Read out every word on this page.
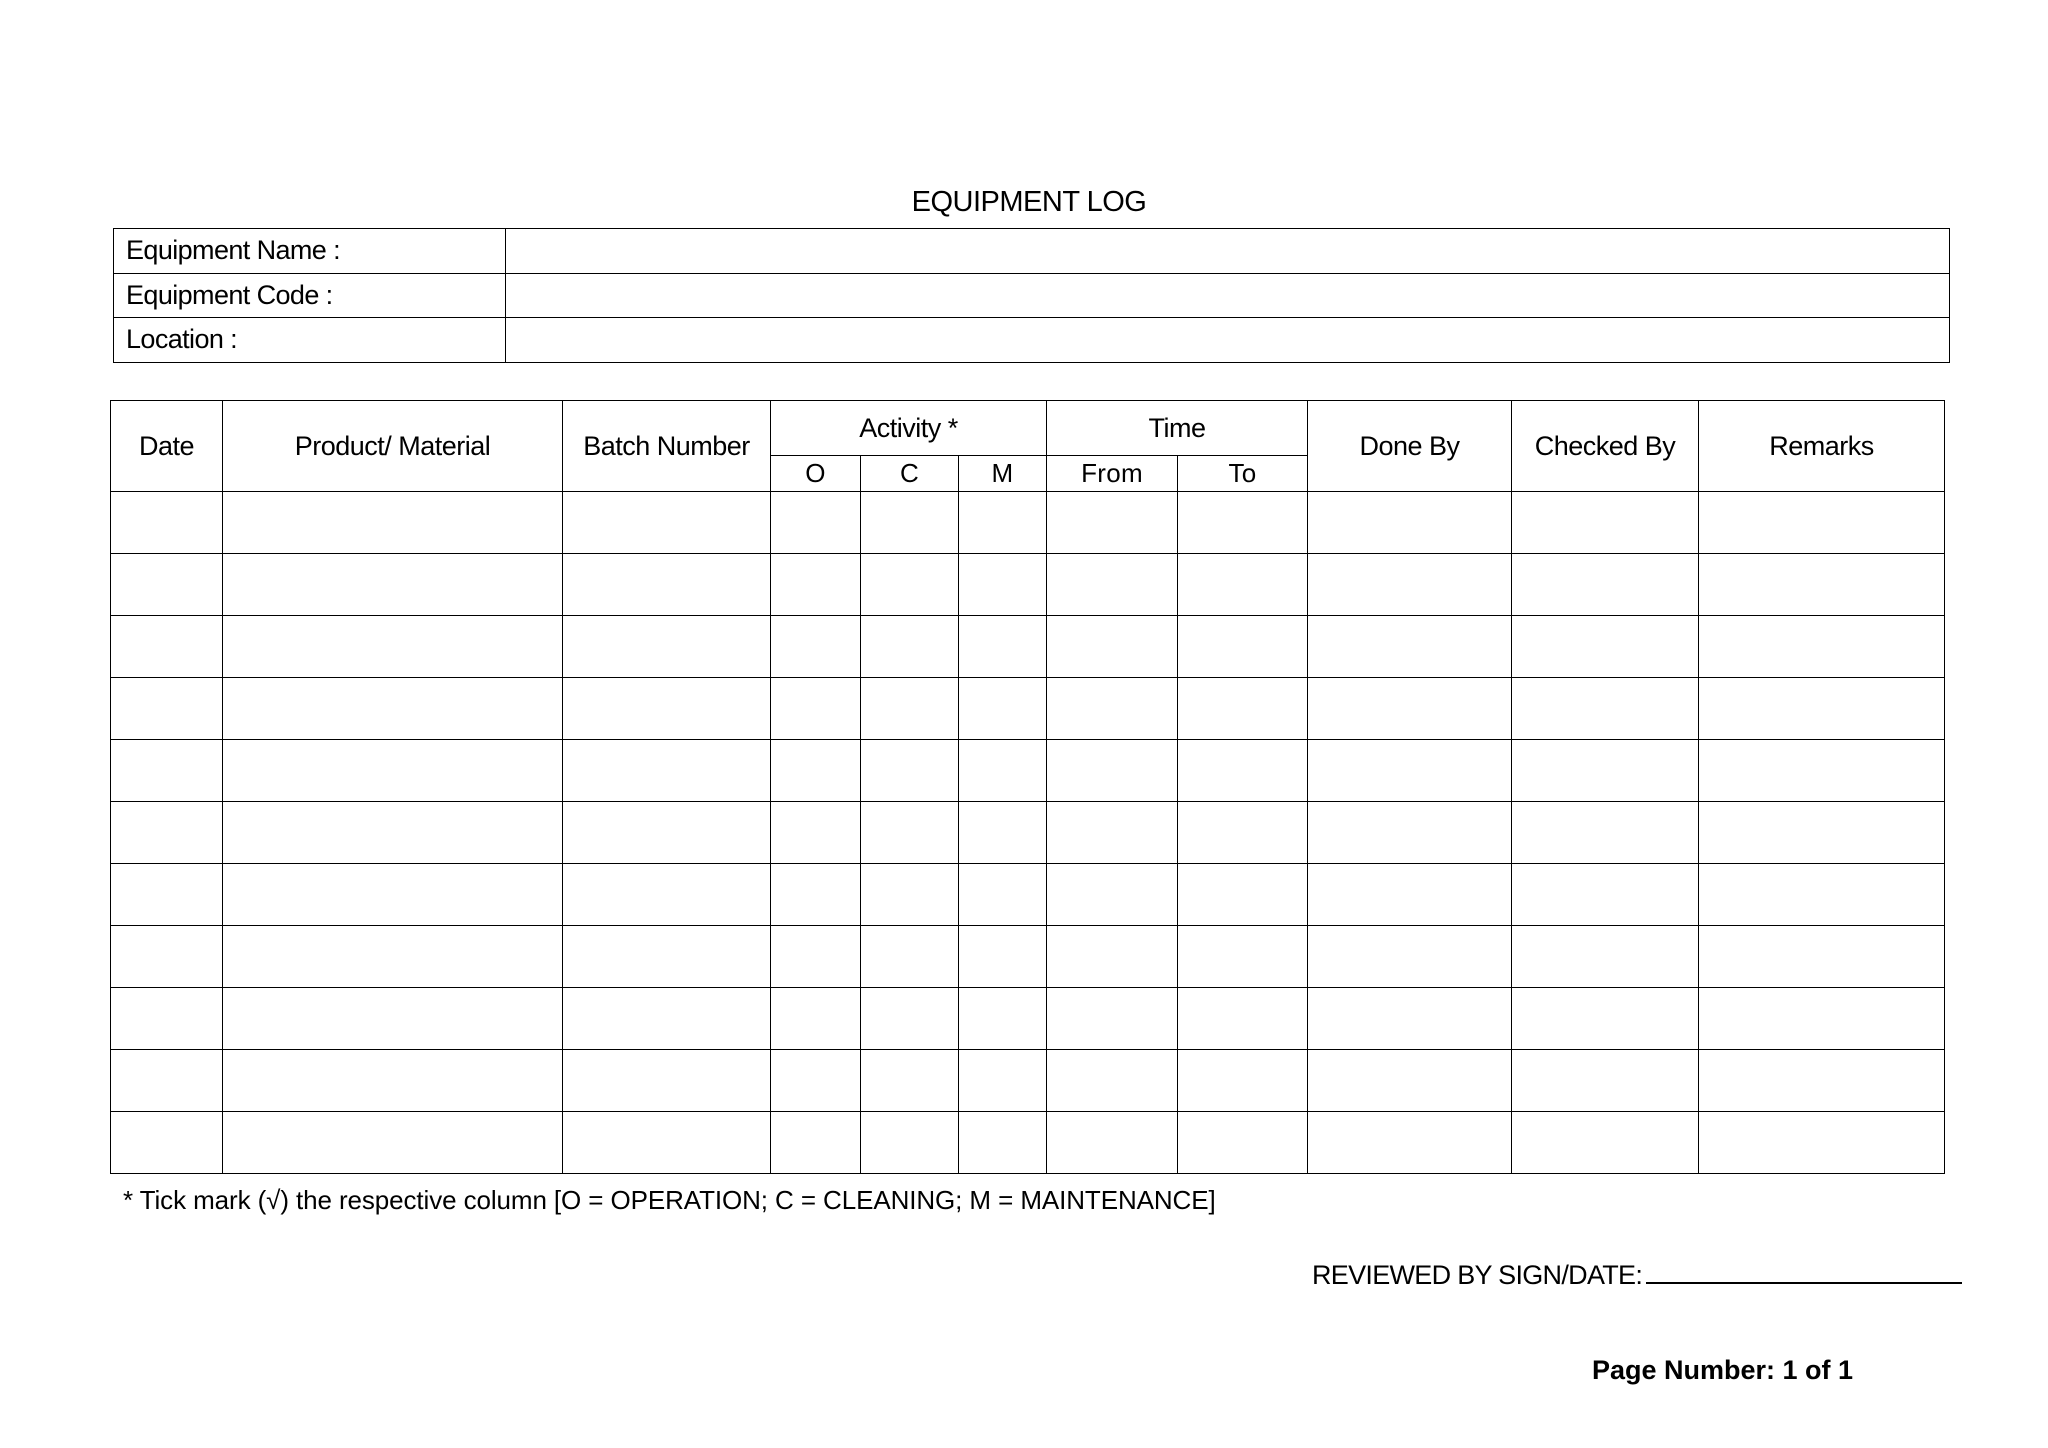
EQUIPMENT LOG
Equipment Name :	
Equipment Code :	
Location :	
Date	Product/ Material	Batch Number	Activity *			Time		Done By	Checked By	Remarks
			O	C	M	From	To			

* Tick mark (√) the respective column [O = OPERATION; C = CLEANING; M = MAINTENANCE]
REVIEWED BY SIGN/DATE:
Page Number: 1 of 1
